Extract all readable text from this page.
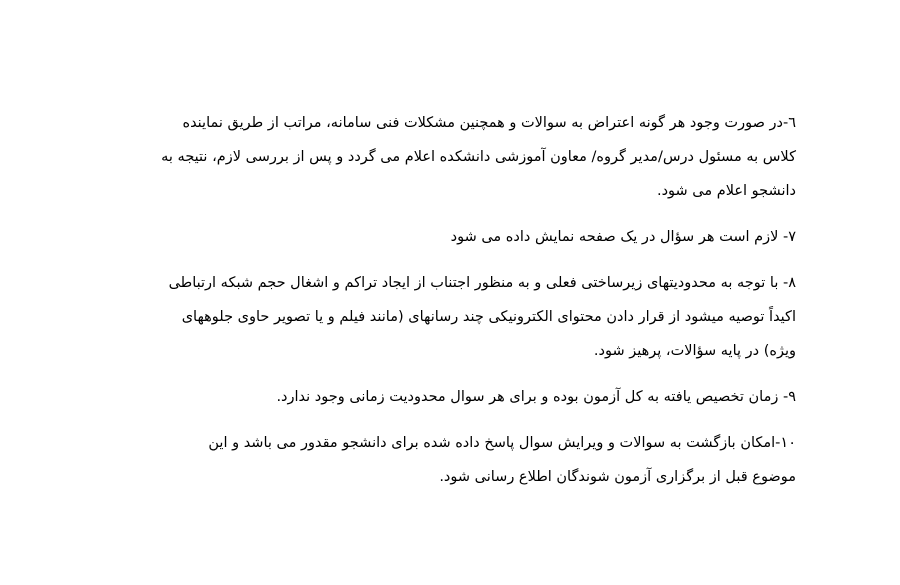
٦-در صورت وجود هر گونه اعتراض به سوالات و همچنین مشکلات فنی سامانه، مراتب از طریق نماینده
کلاس به مسئول درس/مدیر گروه/ معاون آموزشی دانشکده اعلام می گردد و پس از بررسی لازم، نتیجه به
دانشجو اعلام می شود.

٧- لازم است هر سؤال در یک صفحه نمایش داده می شود

٨- با توجه به محدودیتهای زیرساختی فعلی و به منظور اجتناب از ایجاد تراکم و اشغال حجم شبکه ارتباطی
اکیداً توصیه میشود از قرار دادن محتوای الکترونیکی چند رسانهای (مانند فیلم و یا تصویر حاوی جلوههای
ویژه) در پایه سؤالات، پرهیز شود.

٩- زمان تخصیص یافته به کل آزمون بوده و برای هر سوال محدودیت زمانی وجود ندارد.

١٠-امکان بازگشت به سوالات و ویرایش سوال پاسخ داده شده برای دانشجو مقدور می باشد و این
موضوع قبل از برگزاری آزمون شوندگان اطلاع رسانی شود.
